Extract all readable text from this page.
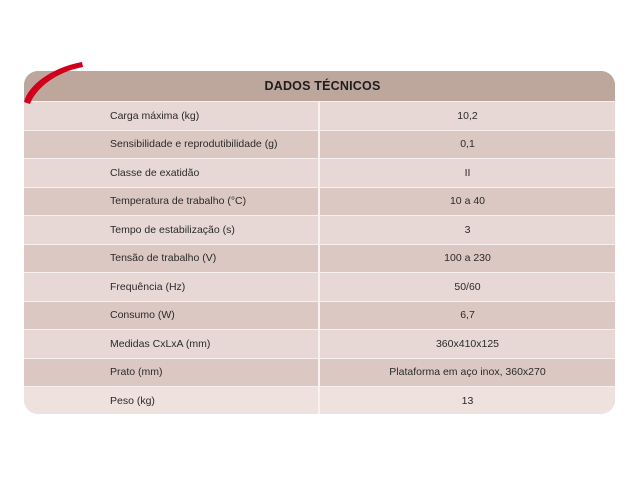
DADOS TÉCNICOS
Carga máxima (kg)	10,2
Sensibilidade e reprodutibilidade (g)	0,1
Classe de exatidão	II
Temperatura de trabalho (°C)	10 a 40
Tempo de estabilização (s)	3
Tensão de trabalho (V)	100 a 230
Frequência (Hz)	50/60
Consumo (W)	6,7
Medidas CxLxA (mm)	360x410x125
Prato (mm)	Plataforma em aço inox, 360x270
Peso (kg)	13
